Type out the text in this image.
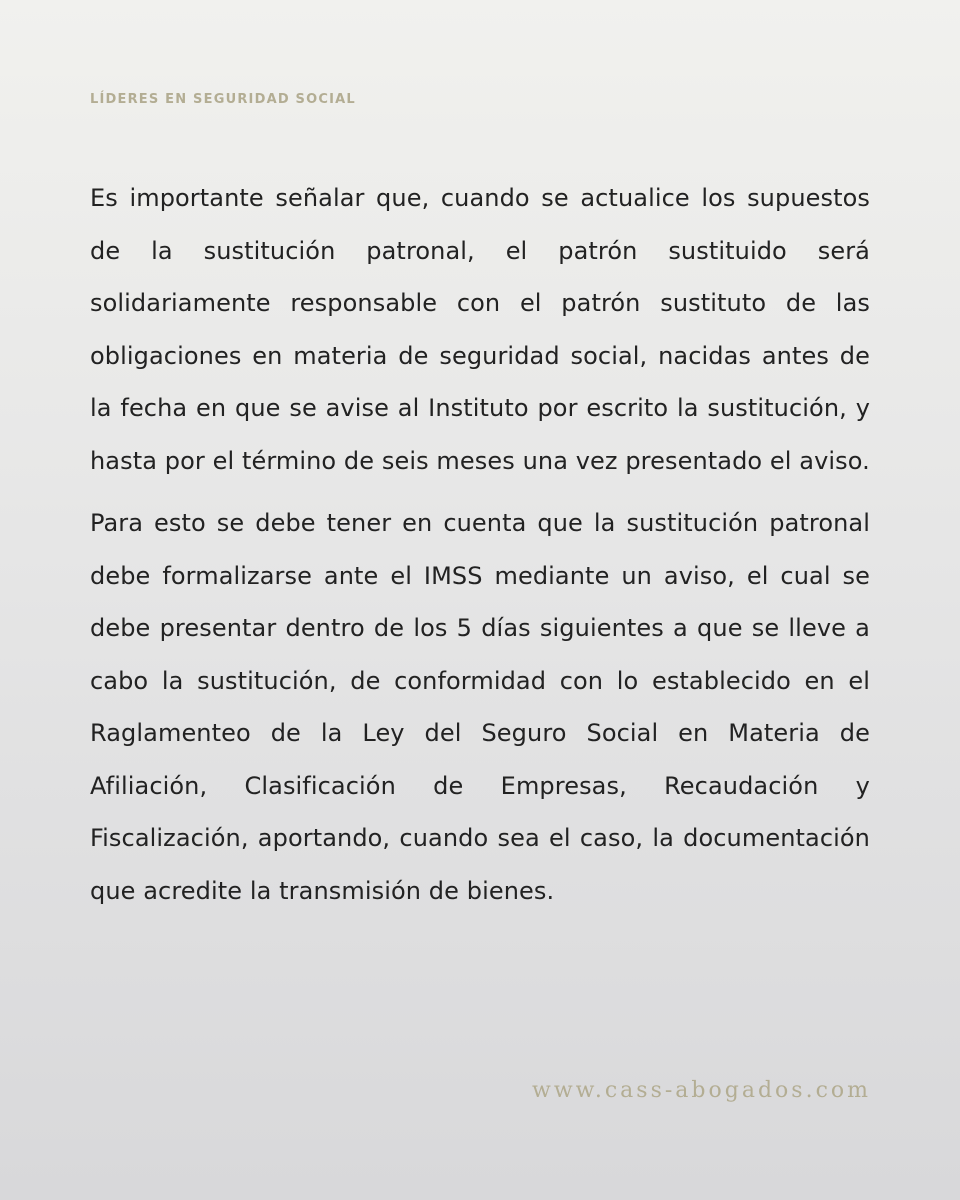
LÍDERES EN SEGURIDAD SOCIAL

Es importante señalar que, cuando se actualice los supuestos de la sustitución patronal, el patrón sustituido será solidariamente responsable con el patrón sustituto de las obligaciones en materia de seguridad social, nacidas antes de la fecha en que se avise al Instituto por escrito la sustitución, y hasta por el término de seis meses una vez presentado el aviso.

Para esto se debe tener en cuenta que la sustitución patronal debe formalizarse ante el IMSS mediante un aviso, el cual se debe presentar dentro de los 5 días siguientes a que se lleve a cabo la sustitución, de conformidad con lo establecido en el Raglamenteo de la Ley del Seguro Social en Materia de Afiliación, Clasificación de Empresas, Recaudación y Fiscalización, aportando, cuando sea el caso, la documentación que acredite la transmisión de bienes.

www.cass-abogados.com
